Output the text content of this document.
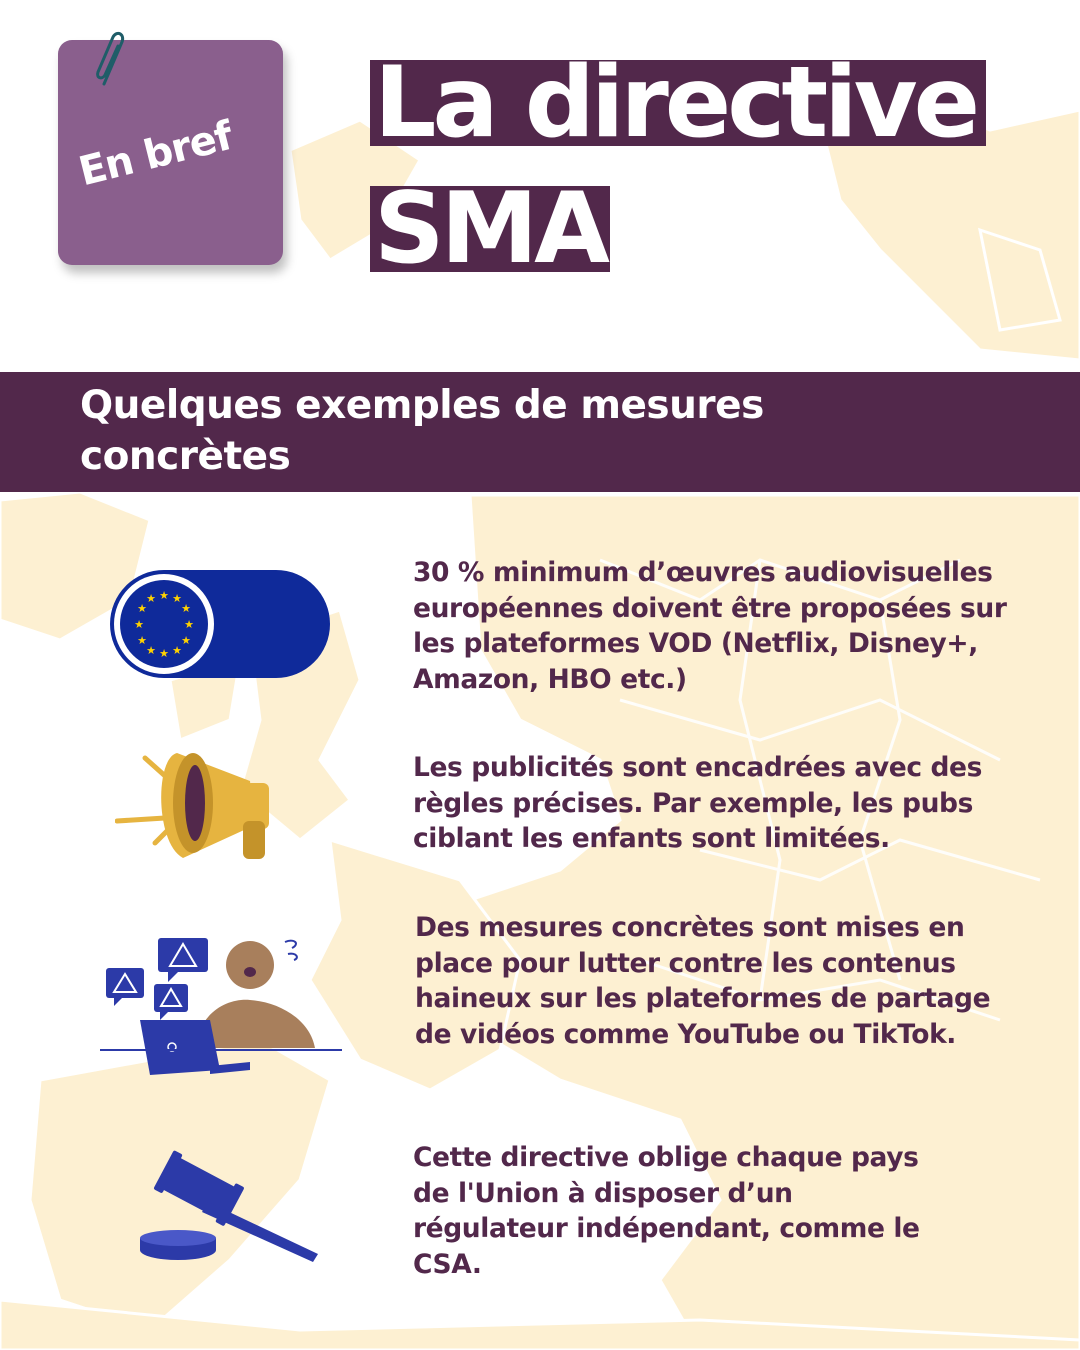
En bref La directive
SMA
Quelques exemples de mesures concrètes
★ ★
★
★
★
★
★
★
★
★
★
★
30 % minimum d’œuvres audiovisuelles européennes doivent être proposées sur les plateformes VOD (Netflix, Disney+, Amazon, HBO etc.)
Les publicités sont encadrées avec des règles précises. Par exemple, les pubs ciblant les enfants sont limitées.
Des mesures concrètes sont mises en place pour lutter contre les contenus haineux sur les plateformes de partage de vidéos comme YouTube ou TikTok.
Cette directive oblige chaque pays de l'Union à disposer d’un régulateur indépendant, comme le CSA.
